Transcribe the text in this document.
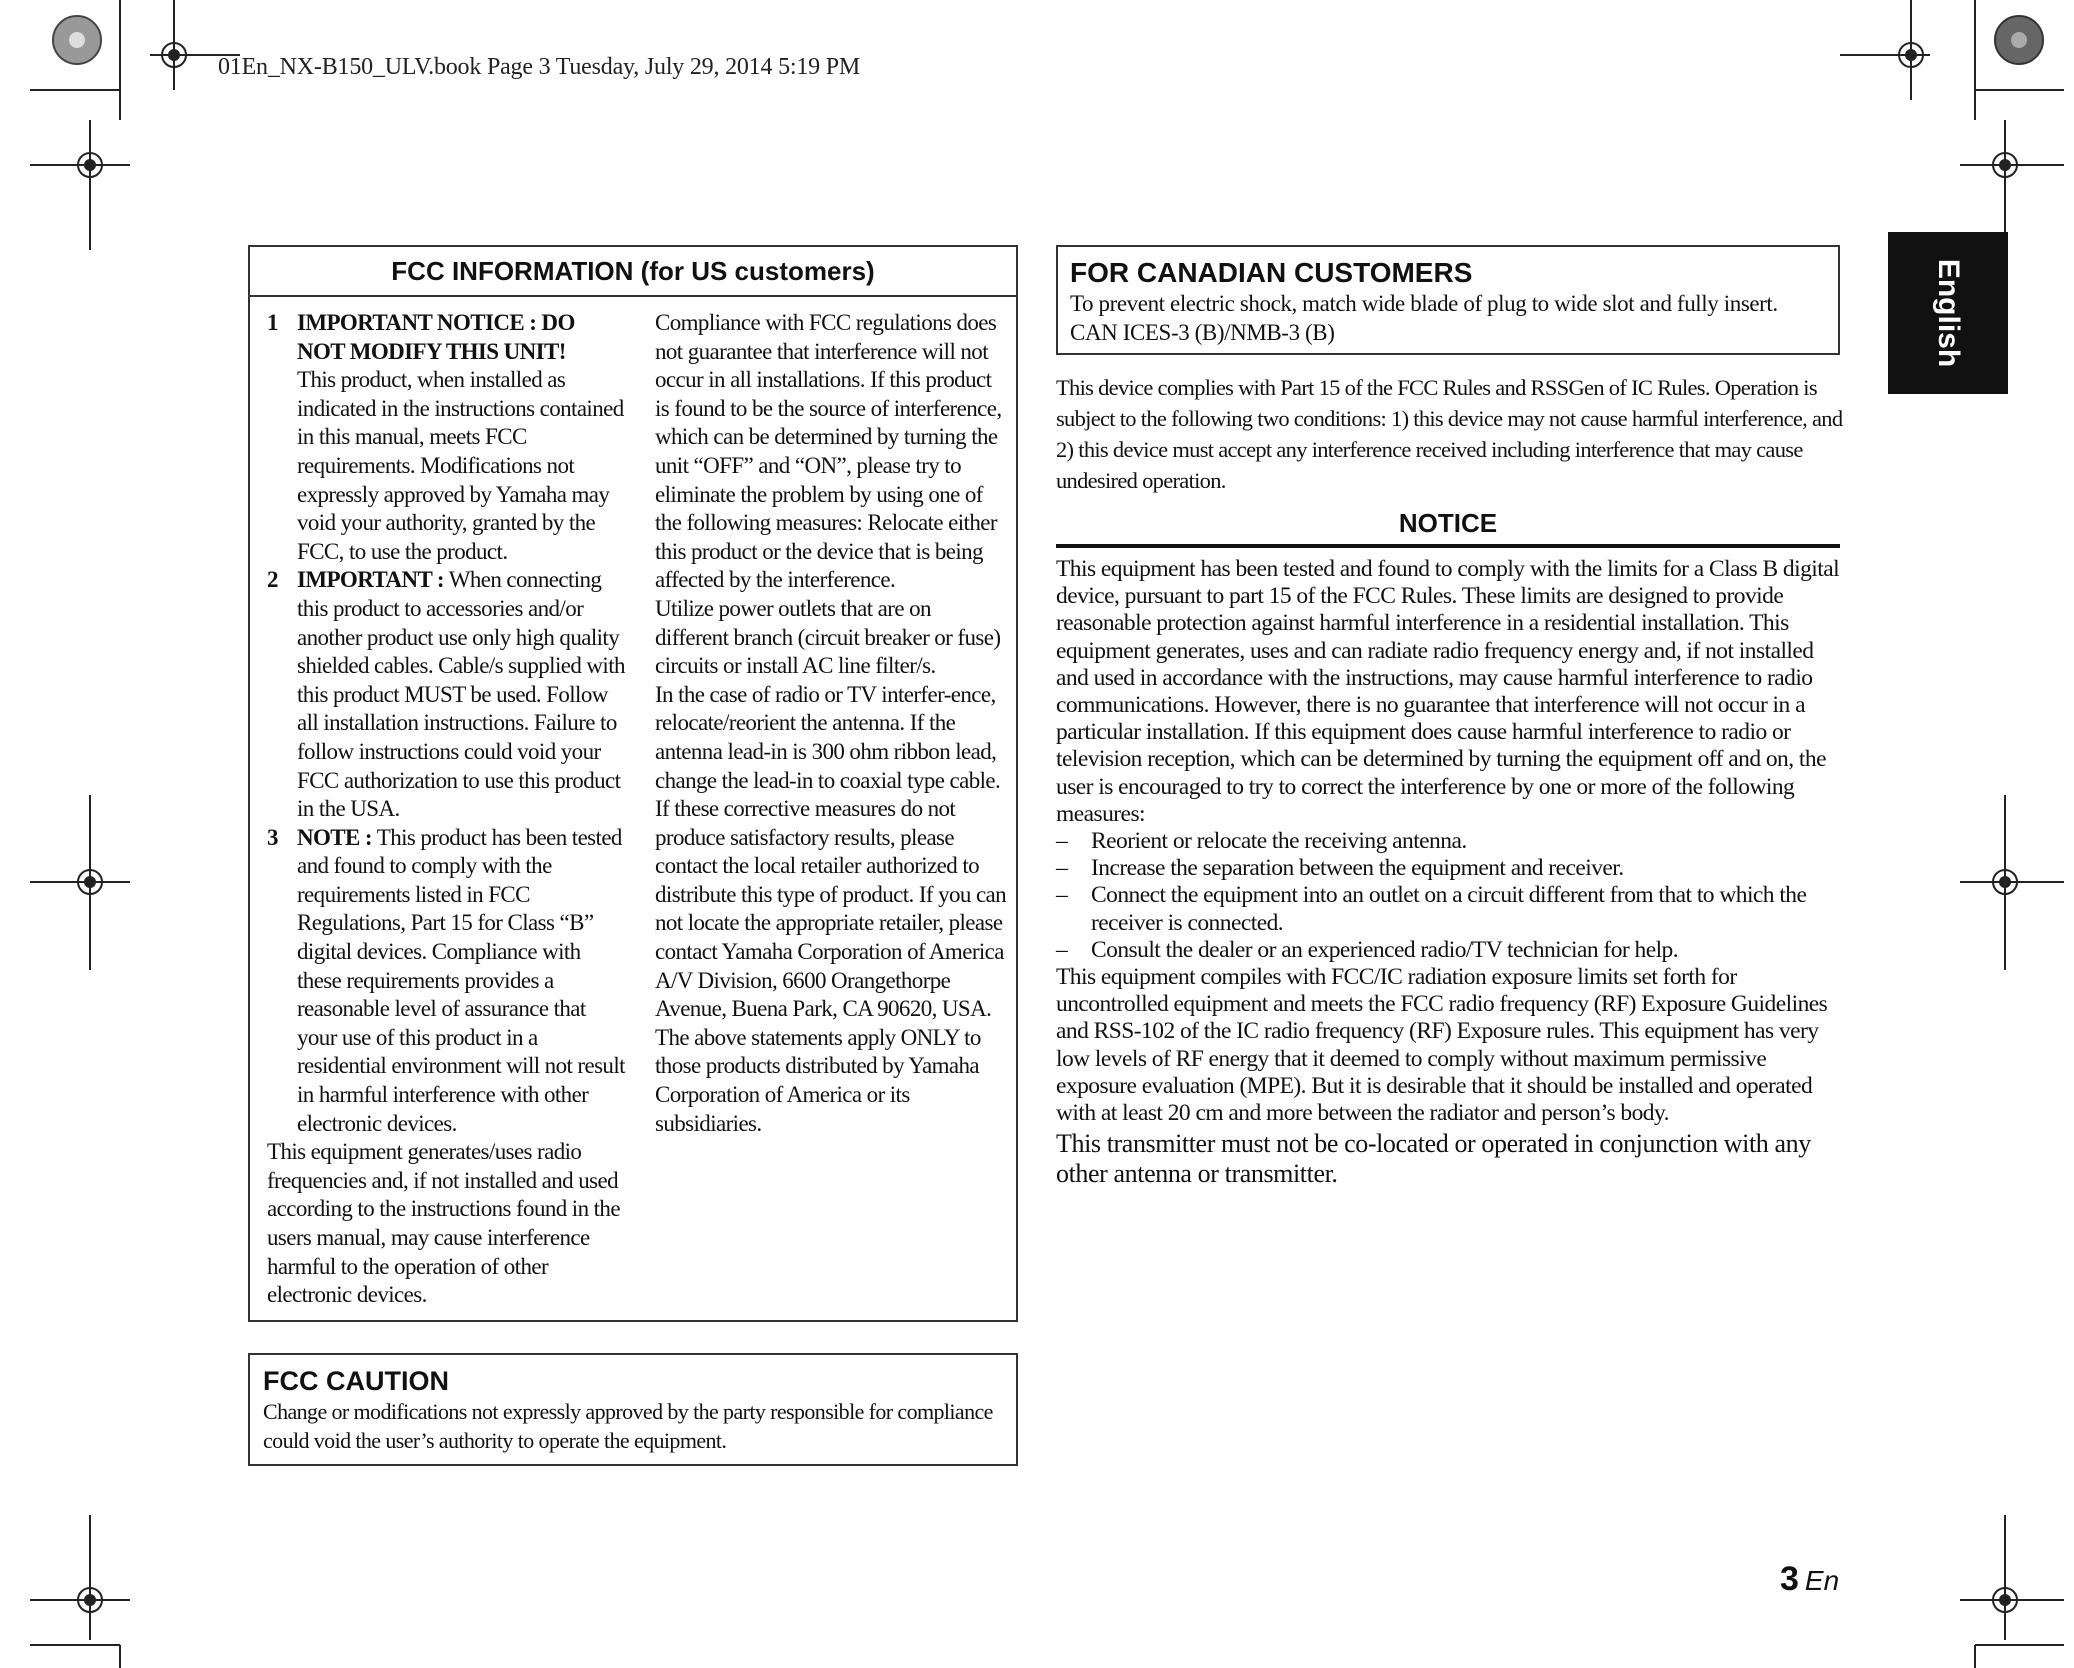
01En_NX-B150_ULV.book Page 3 Tuesday, July 29, 2014 5:19 PM
FCC INFORMATION (for US customers)
1 IMPORTANT NOTICE : DO NOT MODIFY THIS UNIT!
This product, when installed as indicated in the instructions contained in this manual, meets FCC requirements. Modifications not expressly approved by Yamaha may void your authority, granted by the FCC, to use the product.
2 IMPORTANT : When connecting this product to accessories and/or another product use only high quality shielded cables. Cable/s supplied with this product MUST be used. Follow all installation instructions. Failure to follow instructions could void your FCC authorization to use this product in the USA.
3 NOTE : This product has been tested and found to comply with the requirements listed in FCC Regulations, Part 15 for Class “B” digital devices. Compliance with these requirements provides a reasonable level of assurance that your use of this product in a residential environment will not result in harmful interference with other electronic devices.

This equipment generates/uses radio frequencies and, if not installed and used according to the instructions found in the users manual, may cause interference harmful to the operation of other electronic devices.

Compliance with FCC regulations does not guarantee that interference will not occur in all installations. If this product is found to be the source of interference, which can be determined by turning the unit “OFF” and “ON”, please try to eliminate the problem by using one of the following measures: Relocate either this product or the device that is being affected by the interference.

Utilize power outlets that are on different branch (circuit breaker or fuse) circuits or install AC line filter/s.

In the case of radio or TV interfer-ence, relocate/reorient the antenna. If the antenna lead-in is 300 ohm ribbon lead, change the lead-in to coaxial type cable.

If these corrective measures do not produce satisfactory results, please contact the local retailer authorized to distribute this type of product. If you can not locate the appropriate retailer, please contact Yamaha Corporation of America A/V Division, 6600 Orangethorpe Avenue, Buena Park, CA 90620, USA.

The above statements apply ONLY to those products distributed by Yamaha Corporation of America or its subsidiaries.

FCC CAUTION
Change or modifications not expressly approved by the party responsible for compliance could void the user’s authority to operate the equipment.
FOR CANADIAN CUSTOMERS
To prevent electric shock, match wide blade of plug to wide slot and fully insert.
CAN ICES-3 (B)/NMB-3 (B)
This device complies with Part 15 of the FCC Rules and RSSGen of IC Rules. Operation is subject to the following two conditions: 1) this device may not cause harmful interference, and 2) this device must accept any interference received including interference that may cause undesired operation.
NOTICE

This equipment has been tested and found to comply with the limits for a Class B digital device, pursuant to part 15 of the FCC Rules. These limits are designed to provide reasonable protection against harmful interference in a residential installation. This equipment generates, uses and can radiate radio frequency energy and, if not installed and used in accordance with the instructions, may cause harmful interference to radio communications. However, there is no guarantee that interference will not occur in a particular installation. If this equipment does cause harmful interference to radio or television reception, which can be determined by turning the equipment off and on, the user is encouraged to try to correct the interference by one or more of the following measures:

–	Reorient or relocate the receiving antenna.
–	Increase the separation between the equipment and receiver.
–	Connect the equipment into an outlet on a circuit different from that to which the receiver is connected.
–	Consult the dealer or an experienced radio/TV technician for help.

This equipment compiles with FCC/IC radiation exposure limits set forth for uncontrolled equipment and meets the FCC radio frequency (RF) Exposure Guidelines and RSS-102 of the IC radio frequency (RF) Exposure rules. This equipment has very low levels of RF energy that it deemed to comply without maximum permissive exposure evaluation (MPE). But it is desirable that it should be installed and operated with at least 20 cm and more between the radiator and person’s body.

This transmitter must not be co-located or operated in conjunction with any other antenna or transmitter.

English
3 En
